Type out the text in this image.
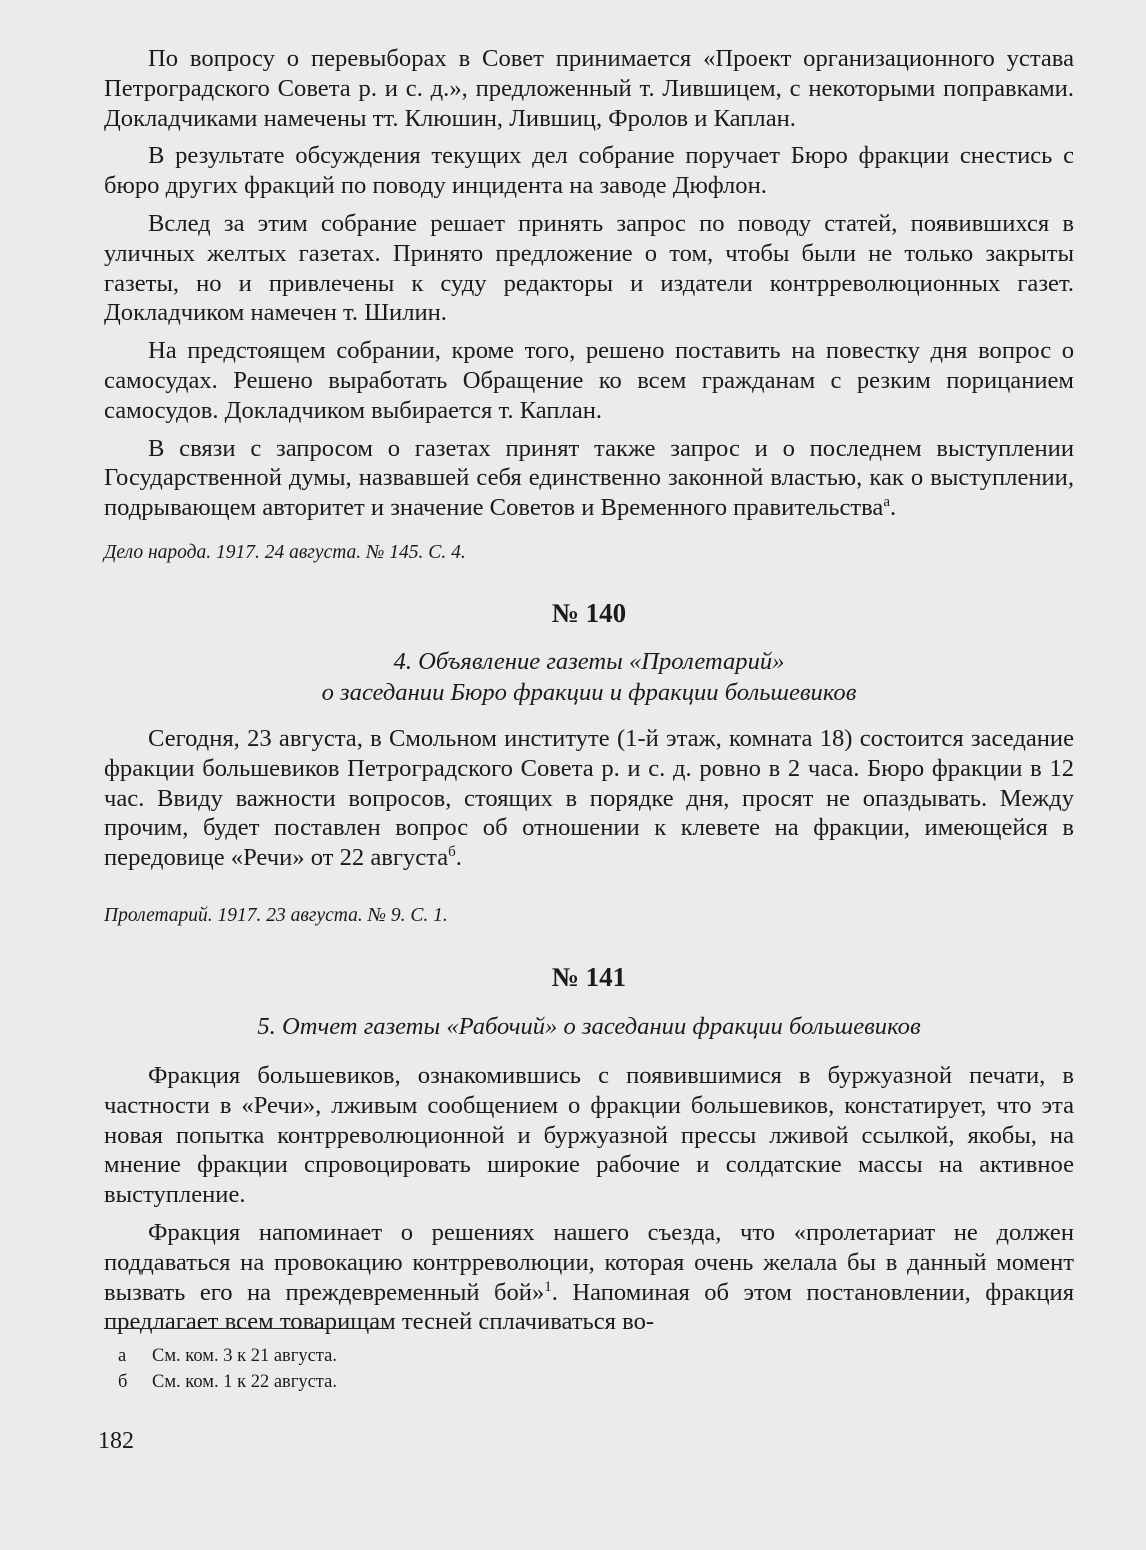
По вопросу о перевыборах в Совет принимается «Проект организационного устава Петроградского Совета р. и с. д.», предложенный т. Лившицем, с некоторыми поправками. Докладчиками намечены тт. Клюшин, Лившиц, Фролов и Каплан.

В результате обсуждения текущих дел собрание поручает Бюро фракции снестись с бюро других фракций по поводу инцидента на заводе Дюфлон.

Вслед за этим собрание решает принять запрос по поводу статей, появившихся в уличных желтых газетах. Принято предложение о том, чтобы были не только закрыты газеты, но и привлечены к суду редакторы и издатели контрреволюционных газет. Докладчиком намечен т. Шилин.

На предстоящем собрании, кроме того, решено поставить на повестку дня вопрос о самосудах. Решено выработать Обращение ко всем гражданам с резким порицанием самосудов. Докладчиком выбирается т. Каплан.

В связи с запросом о газетах принят также запрос и о последнем выступлении Государственной думы, назвавшей себя единственно законной властью, как о выступлении, подрывающем авторитет и значение Советов и Временного правительства$^а$.

Дело народа. 1917. 24 августа. № 145. С. 4.

№ 140

4. Объявление газеты «Пролетарий»

о заседании Бюро фракции и фракции большевиков

Сегодня, 23 августа, в Смольном институте (1-й этаж, комната 18) состоится заседание фракции большевиков Петроградского Совета р. и с. д. ровно в 2 часа. Бюро фракции в 12 час. Ввиду важности вопросов, стоящих в порядке дня, просят не опаздывать. Между прочим, будет поставлен вопрос об отношении к клевете на фракции, имеющейся в передовице «Речи» от 22 августа$^б$.

Пролетарий. 1917. 23 августа. № 9. С. 1.

№ 141

5. Отчет газеты «Рабочий» о заседании фракции большевиков

Фракция большевиков, ознакомившись с появившимися в буржуазной печати, в частности в «Речи», лживым сообщением о фракции большевиков, констатирует, что эта новая попытка контрреволюционной и буржуазной прессы лживой ссылкой, якобы, на мнение фракции спровоцировать широкие рабочие и солдатские массы на активное выступление.

Фракция напоминает о решениях нашего съезда, что «пролетариат не должен поддаваться на провокацию контрреволюции, которая очень желала бы в данный момент вызвать его на преждевременный бой»$^1$. Напоминая об этом постановлении, фракция предлагает всем товарищам тесней сплачиваться во-

а См. ком. 3 к 21 августа.
б См. ком. 1 к 22 августа.
182
